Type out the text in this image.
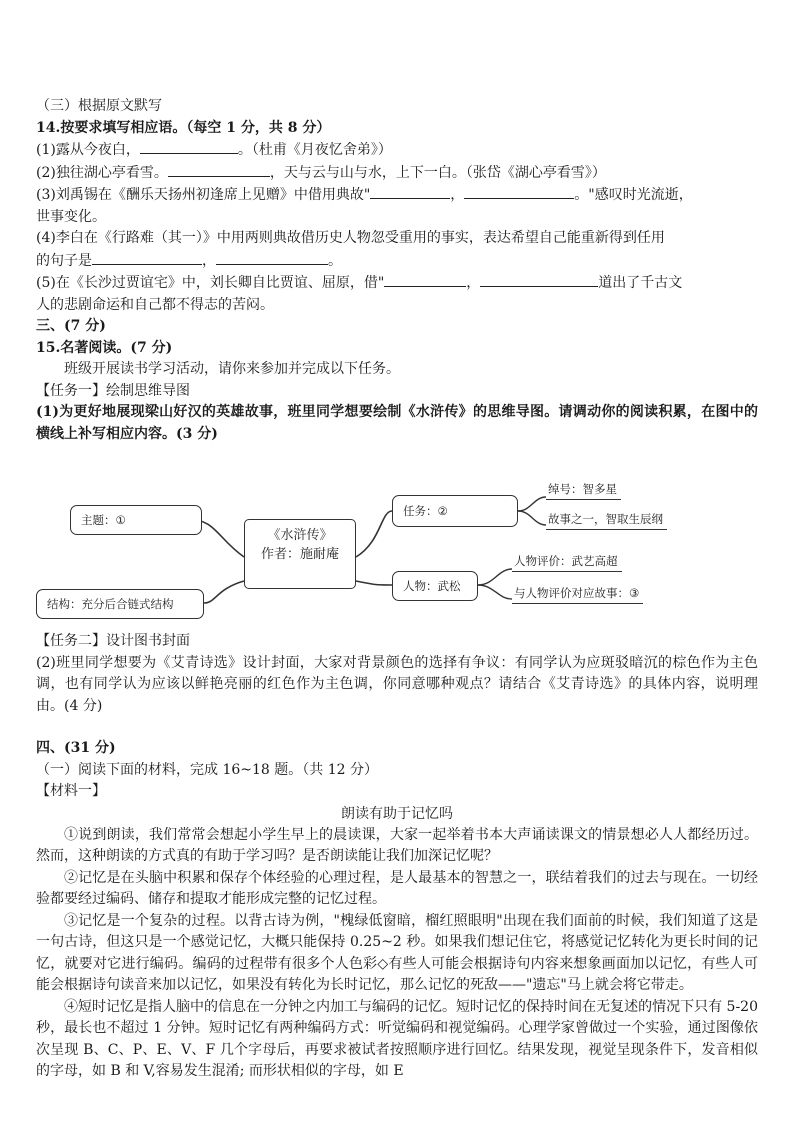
（三）根据原文默写

14.按要求填写相应语。（每空 1 分，共 8 分）

(1)露从今夜白，	。（杜甫《月夜忆舍弟》）

(2)独往湖心亭看雪。	，天与云与山与水，上下一白。（张岱《湖心亭看雪》）

(3)刘禹锡在《酬乐天扬州初逢席上见赠》中借用典故"	，	。"感叹时光流逝，

世事变化。

(4)李白在《行路难（其一）》中用两则典故借历史人物忽受重用的事实，表达希望自己能重新得到任用

的句子是	，	。

(5)在《长沙过贾谊宅》中，刘长卿自比贾谊、屈原，借"	，	道出了千古文

人的悲剧命运和自己都不得志的苦闷。

三、(7 分)

15.名著阅读。(7 分)

班级开展读书学习活动，请你来参加并完成以下任务。

【任务一】绘制思维导图

(1)为更好地展现梁山好汉的英雄故事，班里同学想要绘制《水浒传》的思维导图。请调动你的阅读积累，在图中的横线上补写相应内容。(3 分)

主题：①
结构：充分后合链式结构
《水浒传》
作者：施耐庵
任务：②
人物：武松
绰号：智多星
故事之一，智取生辰纲
人物评价：武艺高超
与人物评价对应故事：③

【任务二】设计图书封面

(2)班里同学想要为《艾青诗选》设计封面，大家对背景颜色的选择有争议：有同学认为应斑驳暗沉的棕色作为主色调，也有同学认为应该以鲜艳亮丽的红色作为主色调，你同意哪种观点？请结合《艾青诗选》的具体内容，说明理由。(4 分)

四、(31 分)

（一）阅读下面的材料，完成 16~18 题。（共 12 分）

【材料一】

朗读有助于记忆吗

①说到朗读，我们常常会想起小学生早上的晨读课，大家一起举着书本大声诵读课文的情景想必人人都经历过。然而，这种朗读的方式真的有助于学习吗？是否朗读能让我们加深记忆呢？

②记忆是在头脑中积累和保存个体经验的心理过程，是人最基本的智慧之一，联结着我们的过去与现在。一切经验都要经过编码、储存和提取才能形成完整的记忆过程。

③记忆是一个复杂的过程。以背古诗为例，"槐绿低窗暗，榴红照眼明"出现在我们面前的时候，我们知道了这是一句古诗，但这只是一个感觉记忆，大概只能保持 0.25~2 秒。如果我们想记住它，将感觉记忆转化为更长时间的记忆，就要对它进行编码。编码的过程带有很多个人色彩◇有些人可能会根据诗句内容来想象画面加以记忆，有些人可能会根据诗句读音来加以记忆，如果没有转化为长时记忆，那么记忆的死敌——"遗忘"马上就会将它带走。

④短时记忆是指人脑中的信息在一分钟之内加工与编码的记忆。短时记忆的保持时间在无复述的情况下只有 5-20 秒，最长也不超过 1 分钟。短时记忆有两种编码方式：听觉编码和视觉编码。心理学家曾做过一个实验，通过图像依次呈现 B、C、P、E、V、F 几个字母后，再要求被试者按照顺序进行回忆。结果发现，视觉呈现条件下，发音相似的字母，如 B 和 V,容易发生混淆; 而形状相似的字母，如 E
